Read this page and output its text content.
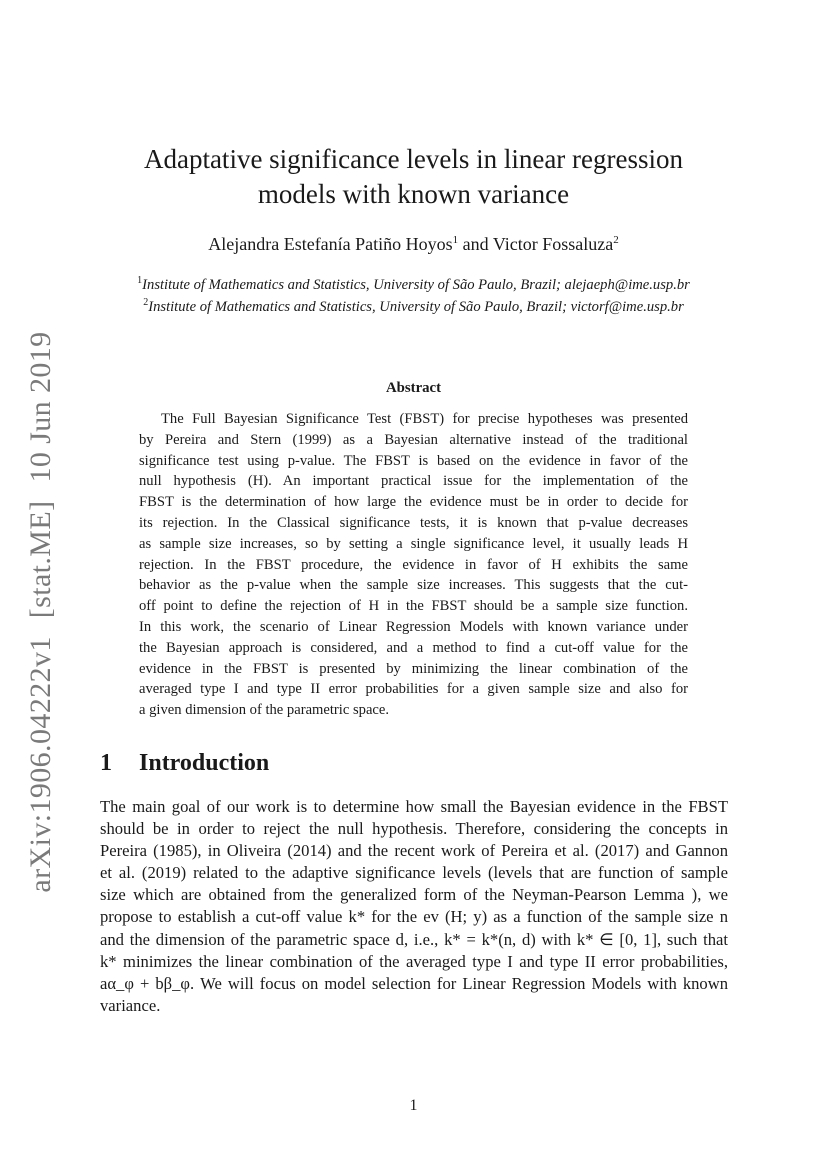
arXiv:1906.04222v1[stat.ME]10 Jun 2019
Adaptative significance levels in linear regression
models with known variance
Alejandra Estefanía Patiño Hoyos$^1$ and Victor Fossaluza$^2$
$^1$Institute of Mathematics and Statistics, University of São Paulo, Brazil; alejaeph@ime.usp.br
$^2$Institute of Mathematics and Statistics, University of São Paulo, Brazil; victorf@ime.usp.br
Abstract
The Full Bayesian Significance Test (FBST) for precise hypotheses was presented
by Pereira and Stern (1999) as a Bayesian alternative instead of the traditional
significance test using p-value. The FBST is based on the evidence in favor of the
null hypothesis (H). An important practical issue for the implementation of the
FBST is the determination of how large the evidence must be in order to decide for
its rejection. In the Classical significance tests, it is known that p-value decreases
as sample size increases, so by setting a single significance level, it usually leads H
rejection. In the FBST procedure, the evidence in favor of H exhibits the same
behavior as the p-value when the sample size increases. This suggests that the cut-
off point to define the rejection of H in the FBST should be a sample size function.
In this work, the scenario of Linear Regression Models with known variance under
the Bayesian approach is considered, and a method to find a cut-off value for the
evidence in the FBST is presented by minimizing the linear combination of the
averaged type I and type II error probabilities for a given sample size and also for
a given dimension of the parametric space.
1 Introduction
The main goal of our work is to determine how small the Bayesian evidence in the FBST
should be in order to reject the null hypothesis. Therefore, considering the concepts in
Pereira (1985), in Oliveira (2014) and the recent work of Pereira et al. (2017) and Gannon
et al. (2019) related to the adaptive significance levels (levels that are function of sample
size which are obtained from the generalized form of the Neyman-Pearson Lemma ), we
propose to establish a cut-off value k* for the ev (H; y) as a function of the sample size n
and the dimension of the parametric space d, i.e., k* = k*(n, d) with k* ∈ [0, 1], such that
k* minimizes the linear combination of the averaged type I and type II error probabilities,
aα_φ + bβ_φ. We will focus on model selection for Linear Regression Models with known
variance.
1
